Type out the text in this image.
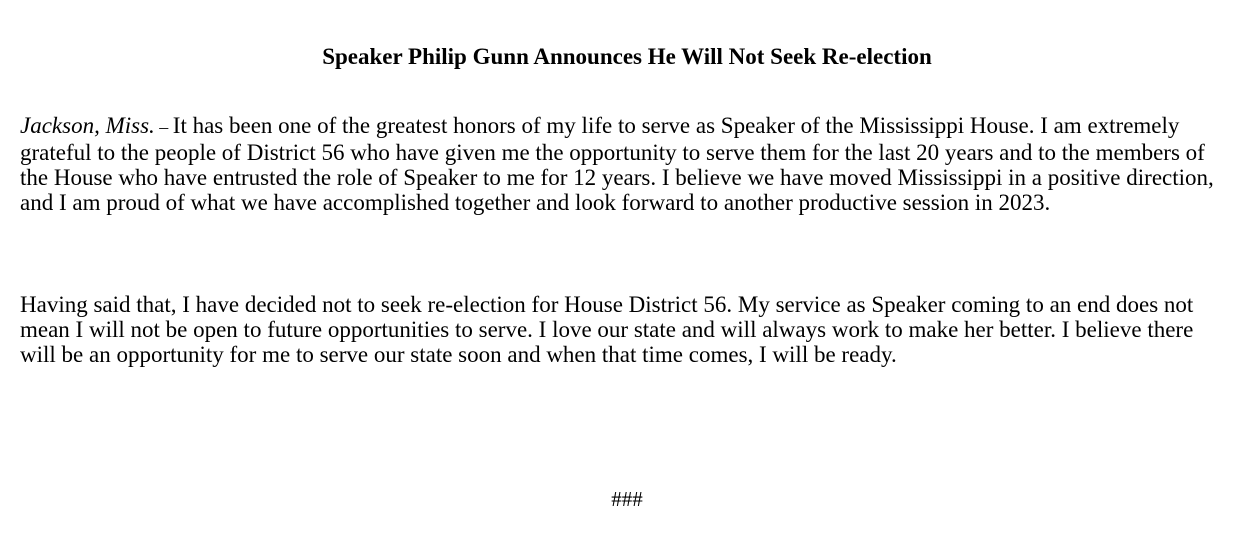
Speaker Philip Gunn Announces He Will Not Seek Re-election

Jackson, Miss. – It has been one of the greatest honors of my life to serve as Speaker of the Mississippi House. I am extremely grateful to the people of District 56 who have given me the opportunity to serve them for the last 20 years and to the members of the House who have entrusted the role of Speaker to me for 12 years. I believe we have moved Mississippi in a positive direction, and I am proud of what we have accomplished together and look forward to another productive session in 2023.

Having said that, I have decided not to seek re-election for House District 56. My service as Speaker coming to an end does not mean I will not be open to future opportunities to serve. I love our state and will always work to make her better. I believe there will be an opportunity for me to serve our state soon and when that time comes, I will be ready.

###
